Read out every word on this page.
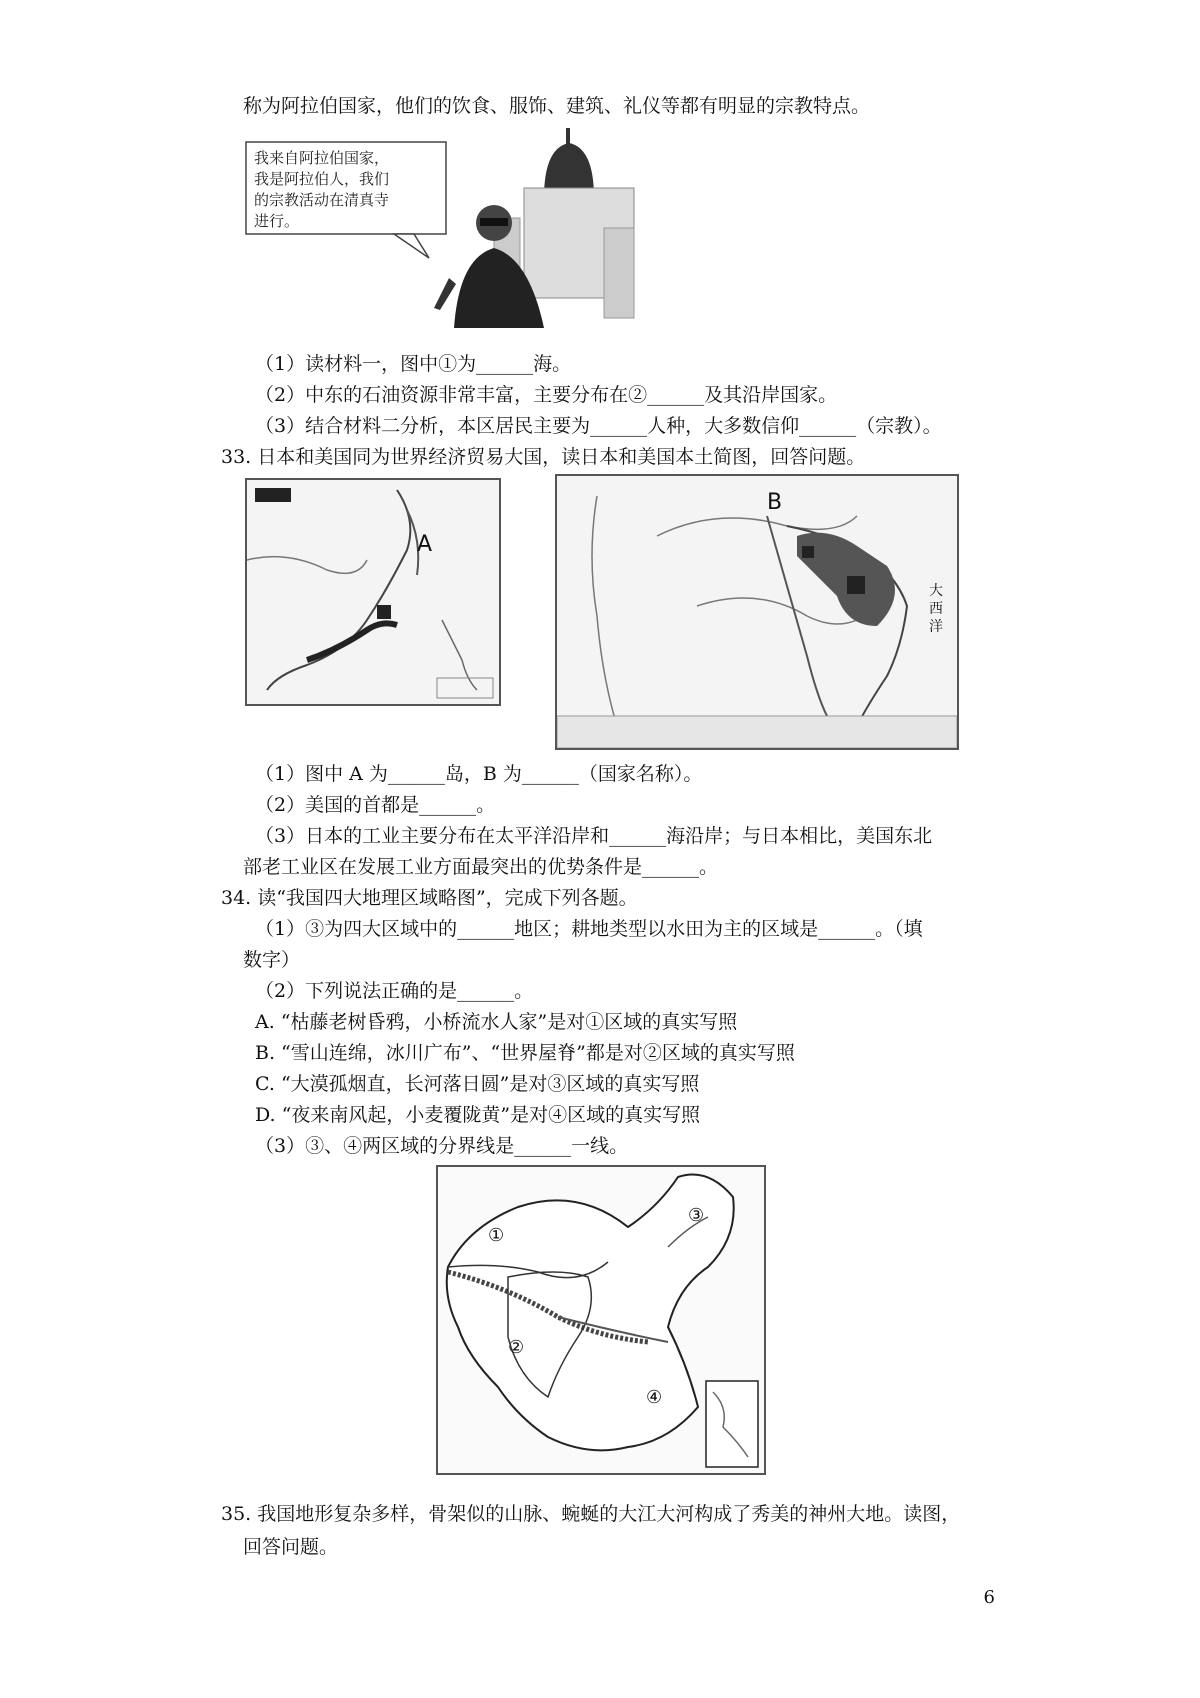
称为阿拉伯国家，他们的饮食、服饰、建筑、礼仪等都有明显的宗教特点。
我来自阿拉伯国家，
我是阿拉伯人，我们
的宗教活动在清真寺
进行。
（1）读材料一，图中①为______海。
（2）中东的石油资源非常丰富，主要分布在②______及其沿岸国家。
（3）结合材料二分析，本区居民主要为______人种，大多数信仰______（宗教）。
33. 日本和美国同为世界经济贸易大国，读日本和美国本土简图，回答问题。
A
B
大西洋
（1）图中 A 为______岛，B 为______（国家名称）。
（2）美国的首都是______。
（3）日本的工业主要分布在太平洋沿岸和______海沿岸；与日本相比，美国东北
部老工业区在发展工业方面最突出的优势条件是______。
34. 读“我国四大地理区域略图”，完成下列各题。
（1）③为四大区域中的______地区；耕地类型以水田为主的区域是______。（填
数字）
（2）下列说法正确的是______。
A. “枯藤老树昏鸦，小桥流水人家”是对①区域的真实写照
B. “雪山连绵，冰川广布”、“世界屋脊”都是对②区域的真实写照
C. “大漠孤烟直，长河落日圆”是对③区域的真实写照
D. “夜来南风起，小麦覆陇黄”是对④区域的真实写照
（3）③、④两区域的分界线是______一线。
①
②
③
④
35. 我国地形复杂多样，骨架似的山脉、蜿蜒的大江大河构成了秀美的神州大地。读图，
回答问题。
6
